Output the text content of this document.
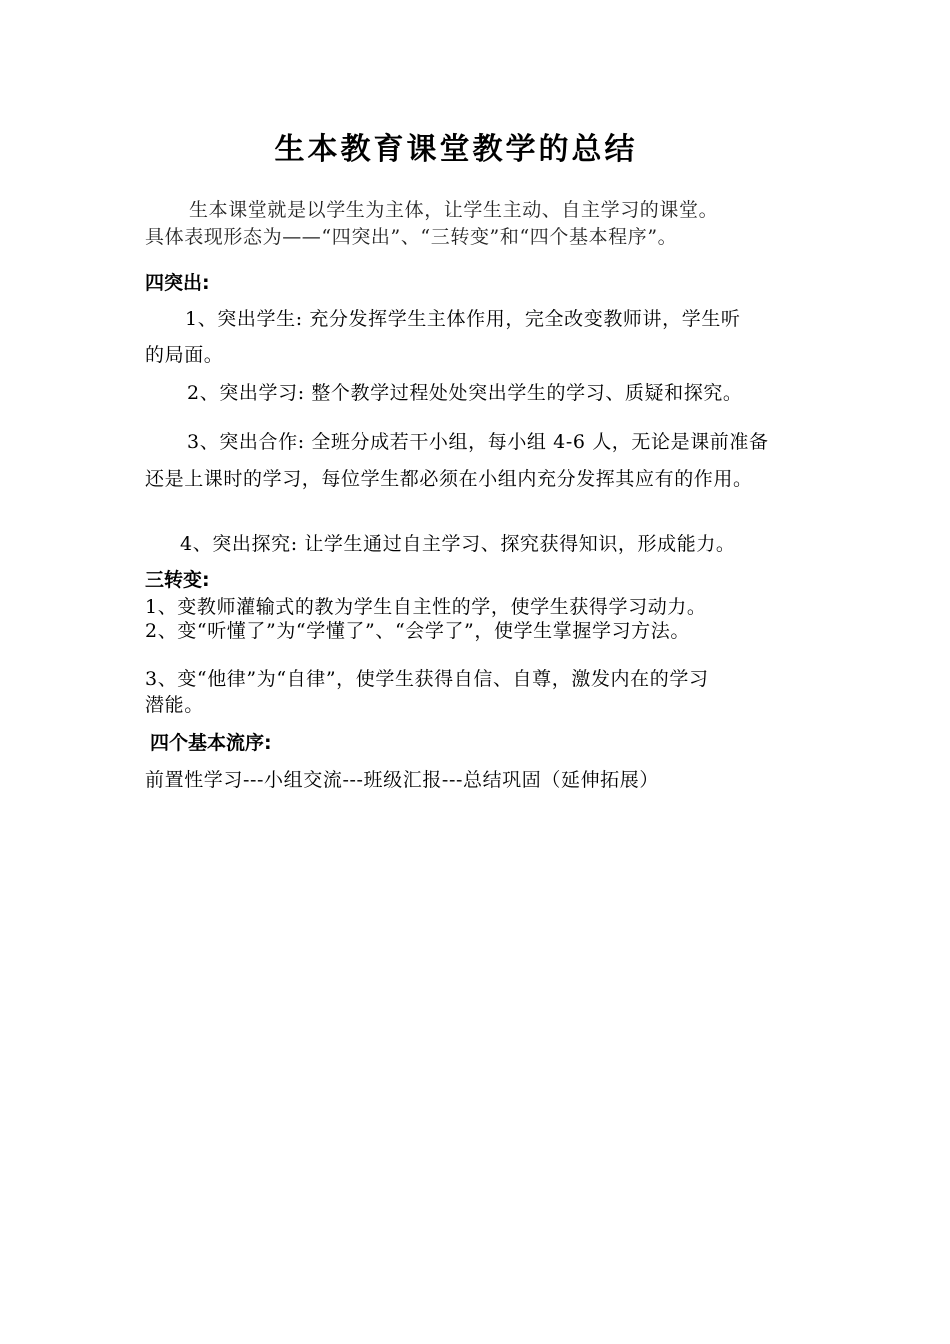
生本教育课堂教学的总结
生本课堂就是以学生为主体，让学生主动、自主学习的课堂。
具体表现形态为——“四突出”、“三转变”和“四个基本程序”。
四突出:
1、突出学生: 充分发挥学生主体作用，完全改变教师讲，学生听
的局面。
2、突出学习: 整个教学过程处处突出学生的学习、质疑和探究。
3、突出合作: 全班分成若干小组，每小组 4-6 人，无论是课前准备
还是上课时的学习，每位学生都必须在小组内充分发挥其应有的作用。
4、突出探究: 让学生通过自主学习、探究获得知识，形成能力。
三转变:
1、变教师灌输式的教为学生自主性的学，使学生获得学习动力。
2、变“听懂了”为“学懂了”、“会学了”，使学生掌握学习方法。
3、变“他律”为“自律”，使学生获得自信、自尊，激发内在的学习
潜能。
四个基本流序:
前置性学习---小组交流---班级汇报---总结巩固（延伸拓展）
